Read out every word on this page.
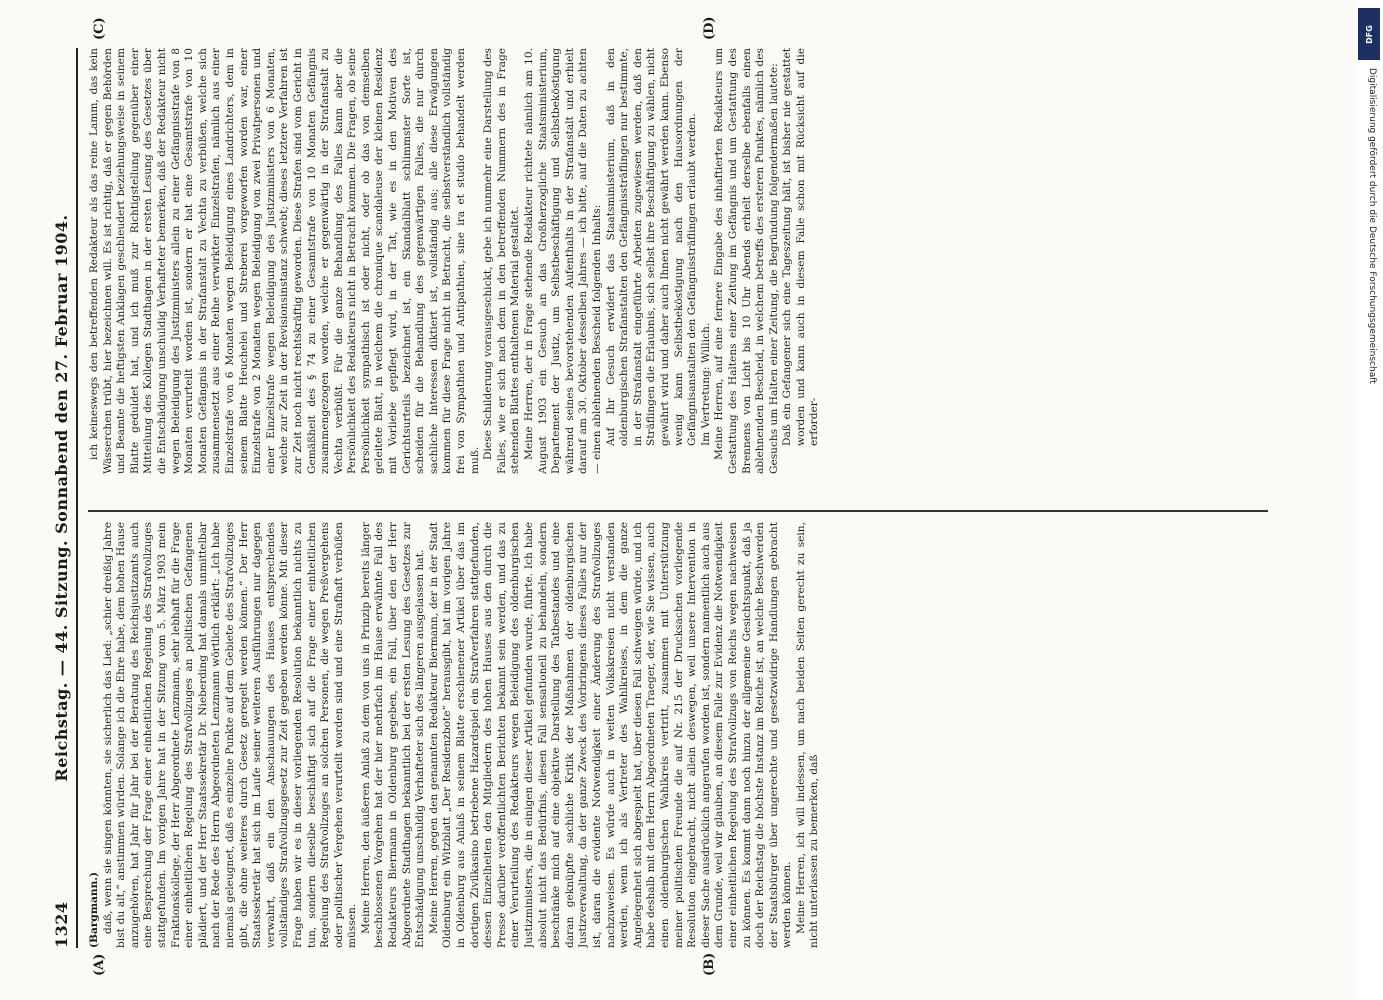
1324
Reichstag. — 44. Sitzung. Sonnabend den 27. Februar 1904.
(A)	(B)
(C)	(D)

(Bargmann.) daß, wenn sie singen könnten, sie sicherlich das Lied: „schier dreißig Jahre bist du alt,“ anstimmen würden. Solange ich die Ehre habe, dem hohen Hause anzugehören, hat Jahr für Jahr bei der Beratung des Reichsjustizamts auch eine Besprechung der Frage einer einheitlichen Regelung des Strafvollzuges stattgefunden. Im vorigen Jahre hat in der Sitzung vom 5. März 1903 mein Fraktionskollege, der Herr Abgeordnete Lenzmann, sehr lebhaft für die Frage einer einheitlichen Regelung des Strafvollzuges an politischen Gefangenen plädiert, und der Herr Staatssekretär Dr. Nieberding hat damals unmittelbar nach der Rede des Herrn Abgeordneten Lenzmann wörtlich erklärt: „Ich habe niemals geleugnet, daß es einzelne Punkte auf dem Gebiete des Strafvollzuges gibt, die ohne weiteres durch Gesetz geregelt werden können.“ Der Herr Staatssekretär hat sich im Laufe seiner weiteren Ausführungen nur dagegen verwahrt, daß ein den Anschauungen des Hauses entsprechendes vollständiges Strafvollzugsgesetz zur Zeit gegeben werden könne. Mit dieser Frage haben wir es in dieser vorliegenden Resolution bekanntlich nichts zu tun, sondern dieselbe beschäftigt sich auf die Frage einer einheitlichen Regelung des Strafvollzuges an solchen Personen, die wegen Preßvergehens oder politischer Vergehen verurteilt worden sind und eine Strafhaft verbüßen müssen. Meine Herren, den äußeren Anlaß zu dem von uns in Prinzip bereits länger beschlossenen Vorgehen hat der hier mehrfach im Hause erwähnte Fall des Redakteurs Biermann in Oldenburg gegeben, ein Fall, über den der Herr Abgeordnete Stadthagen bekanntlich bei der ersten Lesung des Gesetzes zur Entschädigung unschuldig Verhafteter sich des längeren ausgelassen hat. Meine Herren, gegen den genannten Redakteur Biermann, der in der Stadt Oldenburg ein Witzblatt „Der Residenzbote“ herausgibt, hat im vorigen Jahre in Oldenburg aus Anlaß in seinem Blatte erschienener Artikel über das im dortigen Zivilkasino betriebene Hazardspiel ein Strafverfahren stattgefunden, dessen Einzelheiten den Mitgliedern des hohen Hauses aus den durch die Presse darüber veröffentlichten Berichten bekannt sein werden, und das zu einer Verurteilung des Redakteurs wegen Beleidigung des oldenburgischen Justizministers, die in einigen dieser Artikel gefunden wurde, führte. Ich habe absolut nicht das Bedürfnis, diesen Fall sensationell zu behandeln, sondern beschränke mich auf eine objektive Darstellung des Tatbestandes und eine daran geknüpfte sachliche Kritik der Maßnahmen der oldenburgischen Justizverwaltung, da der ganze Zweck des Vorbringens dieses Falles nur der ist, daran die evidente Notwendigkeit einer Änderung des Strafvollzuges nachzuweisen. Es würde auch in weiten Volkskreisen nicht verstanden werden, wenn ich als Vertreter des Wahlkreises, in dem die ganze Angelegenheit sich abgespielt hat, über diesen Fall schweigen würde, und ich habe deshalb mit dem Herrn Abgeordneten Traeger, der, wie Sie wissen, auch einen oldenburgischen Wahlkreis vertritt, zusammen mit Unterstützung meiner politischen Freunde die auf Nr. 215 der Drucksachen vorliegende Resolution eingebracht, nicht allein deswegen, weil unsere Intervention in dieser Sache ausdrücklich angerufen worden ist, sondern namentlich auch aus dem Grunde, weil wir glauben, an diesem Falle zur Evidenz die Notwendigkeit einer einheitlichen Regelung des Strafvollzugs von Reichs wegen nachweisen zu können. Es kommt dann noch hinzu der allgemeine Gesichtspunkt, daß ja doch der Reichstag die höchste Instanz im Reiche ist, an welche Beschwerden der Staatsbürger über ungerechte und gesetzwidrige Handlungen gebracht werden können. Meine Herren, ich will indessen, um nach beiden Seiten gerecht zu sein, nicht unterlassen zu bemerken, daß

ich keineswegs den betreffenden Redakteur als das reine Lamm, das kein Wässerchen trübt, hier bezeichnen will. Es ist richtig, daß er gegen Behörden und Beamte die heftigsten Anklagen geschleudert beziehungsweise in seinem Blatte geduldet hat, und ich muß zur Richtigstellung gegenüber einer Mitteilung des Kollegen Stadthagen in der ersten Lesung des Gesetzes über die Entschädigung unschuldig Verhafteter bemerken, daß der Redakteur nicht wegen Beleidigung des Justizministers allein zu einer Gefängnisstrafe von 8 Monaten verurteilt worden ist, sondern er hat eine Gesamtstrafe von 10 Monaten Gefängnis in der Strafanstalt zu Vechta zu verbüßen, welche sich zusammensetzt aus einer Reihe verwirkter Einzelstrafen, nämlich aus einer Einzelstrafe von 6 Monaten wegen Beleidigung eines Landrichters, dem in seinem Blatte Heuchelei und Streberei vorgeworfen worden war, einer Einzelstrafe von 2 Monaten wegen Beleidigung von zwei Privatpersonen und einer Einzelstrafe wegen Beleidigung des Justizministers von 6 Monaten, welche zur Zeit in der Revisionsinstanz schwebt; dieses letztere Verfahren ist zur Zeit noch nicht rechtskräftig geworden. Diese Strafen sind vom Gericht in Gemäßheit des § 74 zu einer Gesamtstrafe von 10 Monaten Gefängnis zusammengezogen worden, welche er gegenwärtig in der Strafanstalt zu Vechta verbüßt. Für die ganze Behandlung des Falles kann aber die Persönlichkeit des Redakteurs nicht in Betracht kommen. Die Fragen, ob seine Persönlichkeit sympathisch ist oder nicht, oder ob das von demselben geleitete Blatt, in welchem die chronique scandaleuse der kleinen Residenz mit Vorliebe gepflegt wird, in der Tat, wie es in den Motiven des Gerichtsurteils bezeichnet ist, ein Skandalblatt schlimmster Sorte ist, scheiden für die Behandlung des gegenwärtigen Falles, die nur durch sachliche Interessen diktiert ist, vollständig aus; alle diese Erwägungen kommen für diese Frage nicht in Betracht, die selbstverständlich vollständig frei von Sympathien und Antipathien, sine ira et studio behandelt werden muß.

Diese Schilderung vorausgeschickt, gebe ich nunmehr eine Darstellung des Falles, wie er sich nach dem in den betreffenden Nummern des in Frage stehenden Blattes enthaltenen Material gestaltet. Meine Herren, der in Frage stehende Redakteur richtete nämlich am 10. August 1903 ein Gesuch an das Großherzogliche Staatsministerium, Departement der Justiz, um Selbstbeschäftigung und Selbstbeköstigung während seines bevorstehenden Aufenthalts in der Strafanstalt und erhielt darauf am 30. Oktober desselben Jahres — ich bitte, auf die Daten zu achten — einen ablehnenden Bescheid folgenden Inhalts: Auf Ihr Gesuch erwidert das Staatsministerium, daß in den oldenburgischen Strafanstalten den Gefängnissträflingen nur bestimmte, in der Strafanstalt eingeführte Arbeiten zugewiesen werden, daß den Sträflingen die Erlaubnis, sich selbst ihre Beschäftigung zu wählen, nicht gewährt wird und daher auch Ihnen nicht gewährt werden kann. Ebenso wenig kann Selbstbeköstigung nach den Hausordnungen der Gefängnisanstalten den Gefängnissträflingen erlaubt werden. Im Vertretung: Willich. Meine Herren, auf eine fernere Eingabe des inhaftierten Redakteurs um Gestattung des Haltens einer Zeitung im Gefängnis und um Gestattung des Brennens von Licht bis 10 Uhr Abends erhielt derselbe ebenfalls einen ablehnenden Bescheid, in welchem betreffs des ersteren Punktes, nämlich des Gesuchs um Halten einer Zeitung, die Begründung folgendermaßen lautete: Daß ein Gefangener sich eine Tageszeitung hält, ist bisher nie gestattet worden und kann auch in diesem Falle schon mit Rücksicht auf die erforder-

DFG
Digitalisierung gefördert durch die Deutsche Forschungsgemeinschaft
